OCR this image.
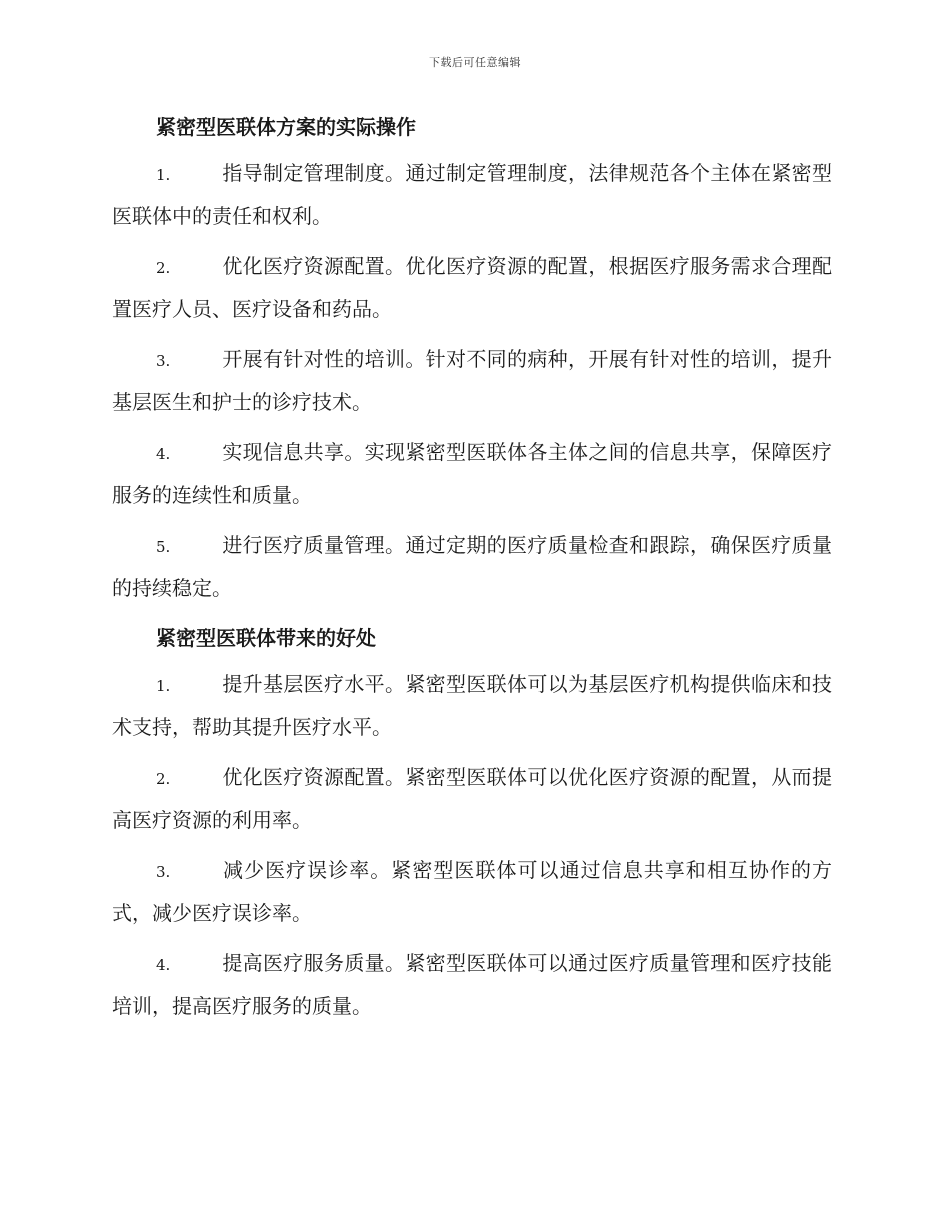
下载后可任意编辑
紧密型医联体方案的实际操作
1.	指导制定管理制度。通过制定管理制度，法律规范各个主体在紧密型医联体中的责任和权利。
2.	优化医疗资源配置。优化医疗资源的配置，根据医疗服务需求合理配置医疗人员、医疗设备和药品。
3.	开展有针对性的培训。针对不同的病种，开展有针对性的培训，提升基层医生和护士的诊疗技术。
4.	实现信息共享。实现紧密型医联体各主体之间的信息共享，保障医疗服务的连续性和质量。
5.	进行医疗质量管理。通过定期的医疗质量检查和跟踪，确保医疗质量的持续稳定。
紧密型医联体带来的好处
1.	提升基层医疗水平。紧密型医联体可以为基层医疗机构提供临床和技术支持，帮助其提升医疗水平。
2.	优化医疗资源配置。紧密型医联体可以优化医疗资源的配置，从而提高医疗资源的利用率。
3.	减少医疗误诊率。紧密型医联体可以通过信息共享和相互协作的方式，减少医疗误诊率。
4.	提高医疗服务质量。紧密型医联体可以通过医疗质量管理和医疗技能培训，提高医疗服务的质量。
